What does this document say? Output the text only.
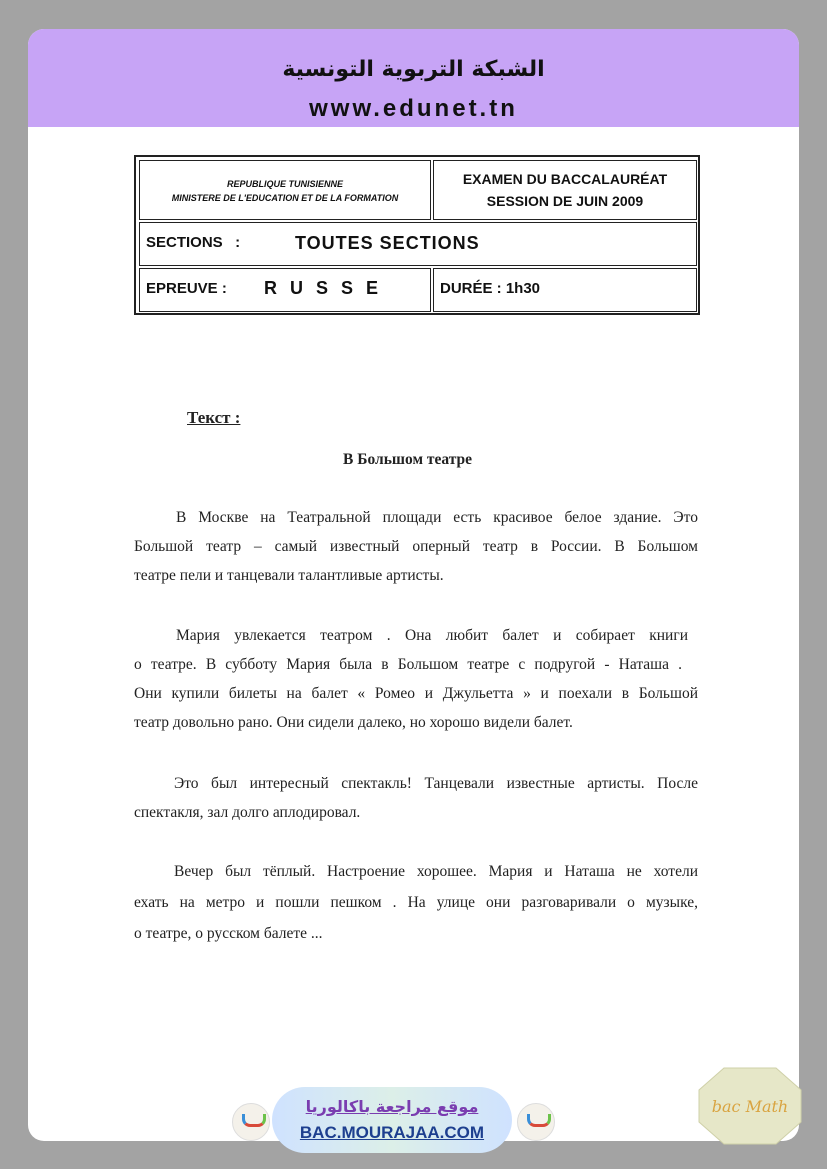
الشبكة التربوية التونسية
www.edunet.tn
REPUBLIQUE TUNISIENNE
MINISTERE DE L'EDUCATION ET DE LA FORMATION
EXAMEN DU BACCALAURÉAT
SESSION DE JUIN 2009
SECTIONS   :	TOUTES SECTIONS
EPREUVE : R U S S E	DURÉE : 1h30
Текст :
В Большом театре
В Москве на Театральной площади есть красивое белое здание. Это
Большой театр – самый известный оперный театр в России. В Большом
театре пели и танцевали талантливые артисты.
Мария увлекается театром . Она любит балет и собирает книги
о театре. В субботу Мария была в Большом театре с подругой - Наташа .
Они купили билеты на балет « Ромео и Джульетта » и поехали в Большой
театр довольно рано. Они сидели далеко, но хорошо видели балет.
Это был интересный спектакль! Танцевали известные артисты. После
спектакля, зал долго аплодировал.
Вечер был тёплый. Настроение хорошее. Мария и Наташа не хотели
ехать на метро и пошли пешком . На улице они разговаривали о музыке,
о театре, о русском балете ...
موقع مراجعة باكالوريا
BAC.MOURAJAA.COM
bac Math
